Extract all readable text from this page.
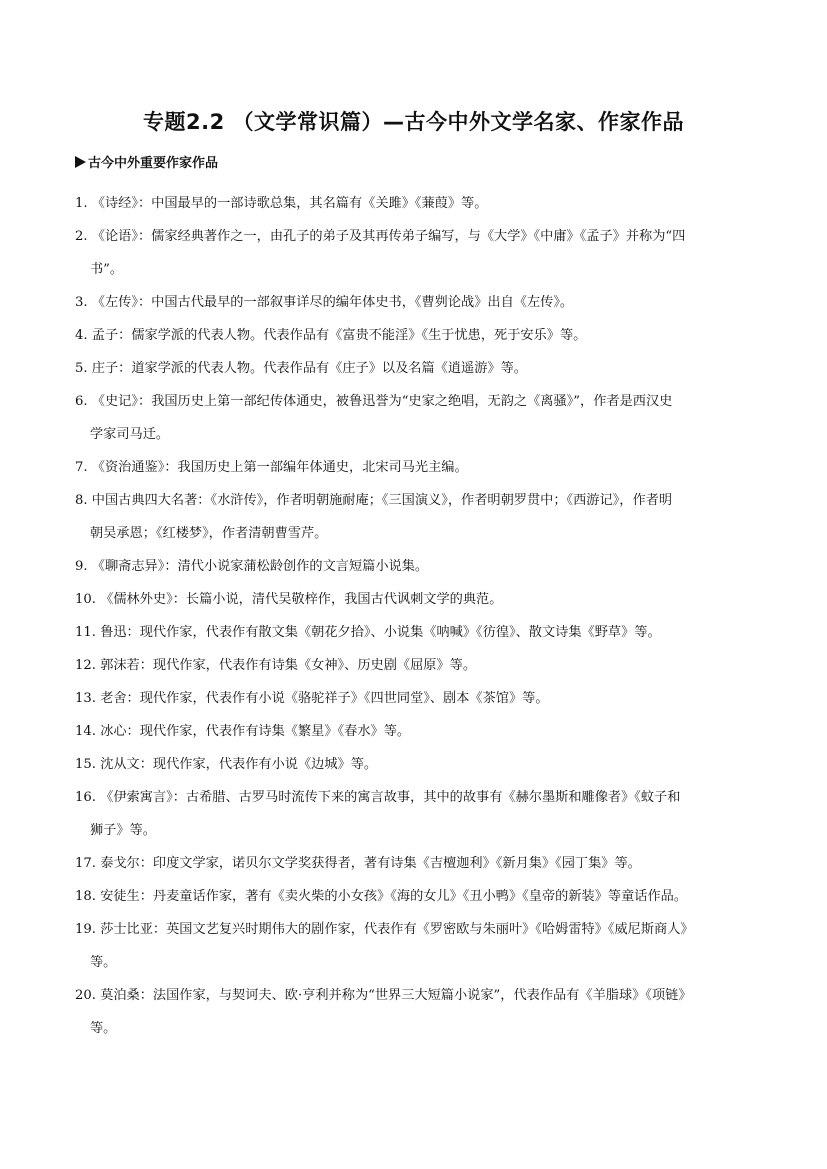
专题2.2 （文学常识篇）—古今中外文学名家、作家作品
古今中外重要作家作品
1. 《诗经》：中国最早的一部诗歌总集，其名篇有《关雎》《蒹葭》等。
2. 《论语》：儒家经典著作之一，由孔子的弟子及其再传弟子编写，与《大学》《中庸》《孟子》并称为“四
书”。
3. 《左传》：中国古代最早的一部叙事详尽的编年体史书，《曹刿论战》出自《左传》。
4. 孟子：儒家学派的代表人物。代表作品有《富贵不能淫》《生于忧患，死于安乐》等。
5. 庄子：道家学派的代表人物。代表作品有《庄子》以及名篇《逍遥游》等。
6. 《史记》：我国历史上第一部纪传体通史，被鲁迅誉为“史家之绝唱，无韵之《离骚》”，作者是西汉史
学家司马迁。
7. 《资治通鉴》：我国历史上第一部编年体通史，北宋司马光主编。
8. 中国古典四大名著：《水浒传》，作者明朝施耐庵；《三国演义》，作者明朝罗贯中；《西游记》，作者明
朝吴承恩；《红楼梦》，作者清朝曹雪芹。
9. 《聊斋志异》：清代小说家蒲松龄创作的文言短篇小说集。
10. 《儒林外史》：长篇小说，清代吴敬梓作，我国古代讽刺文学的典范。
11. 鲁迅：现代作家，代表作有散文集《朝花夕拾》、小说集《呐喊》《彷徨》、散文诗集《野草》等。
12. 郭沫若：现代作家，代表作有诗集《女神》、历史剧《屈原》等。
13. 老舍：现代作家，代表作有小说《骆驼祥子》《四世同堂》、剧本《茶馆》等。
14. 冰心：现代作家，代表作有诗集《繁星》《春水》等。
15. 沈从文：现代作家，代表作有小说《边城》等。
16. 《伊索寓言》：古希腊、古罗马时流传下来的寓言故事，其中的故事有《赫尔墨斯和雕像者》《蚊子和
狮子》等。
17. 泰戈尔：印度文学家，诺贝尔文学奖获得者，著有诗集《吉檀迦利》《新月集》《园丁集》等。
18. 安徒生：丹麦童话作家，著有《卖火柴的小女孩》《海的女儿》《丑小鸭》《皇帝的新装》等童话作品。
19. 莎士比亚：英国文艺复兴时期伟大的剧作家，代表作有《罗密欧与朱丽叶》《哈姆雷特》《威尼斯商人》
等。
20. 莫泊桑：法国作家，与契诃夫、欧·亨利并称为“世界三大短篇小说家”，代表作品有《羊脂球》《项链》
等。
